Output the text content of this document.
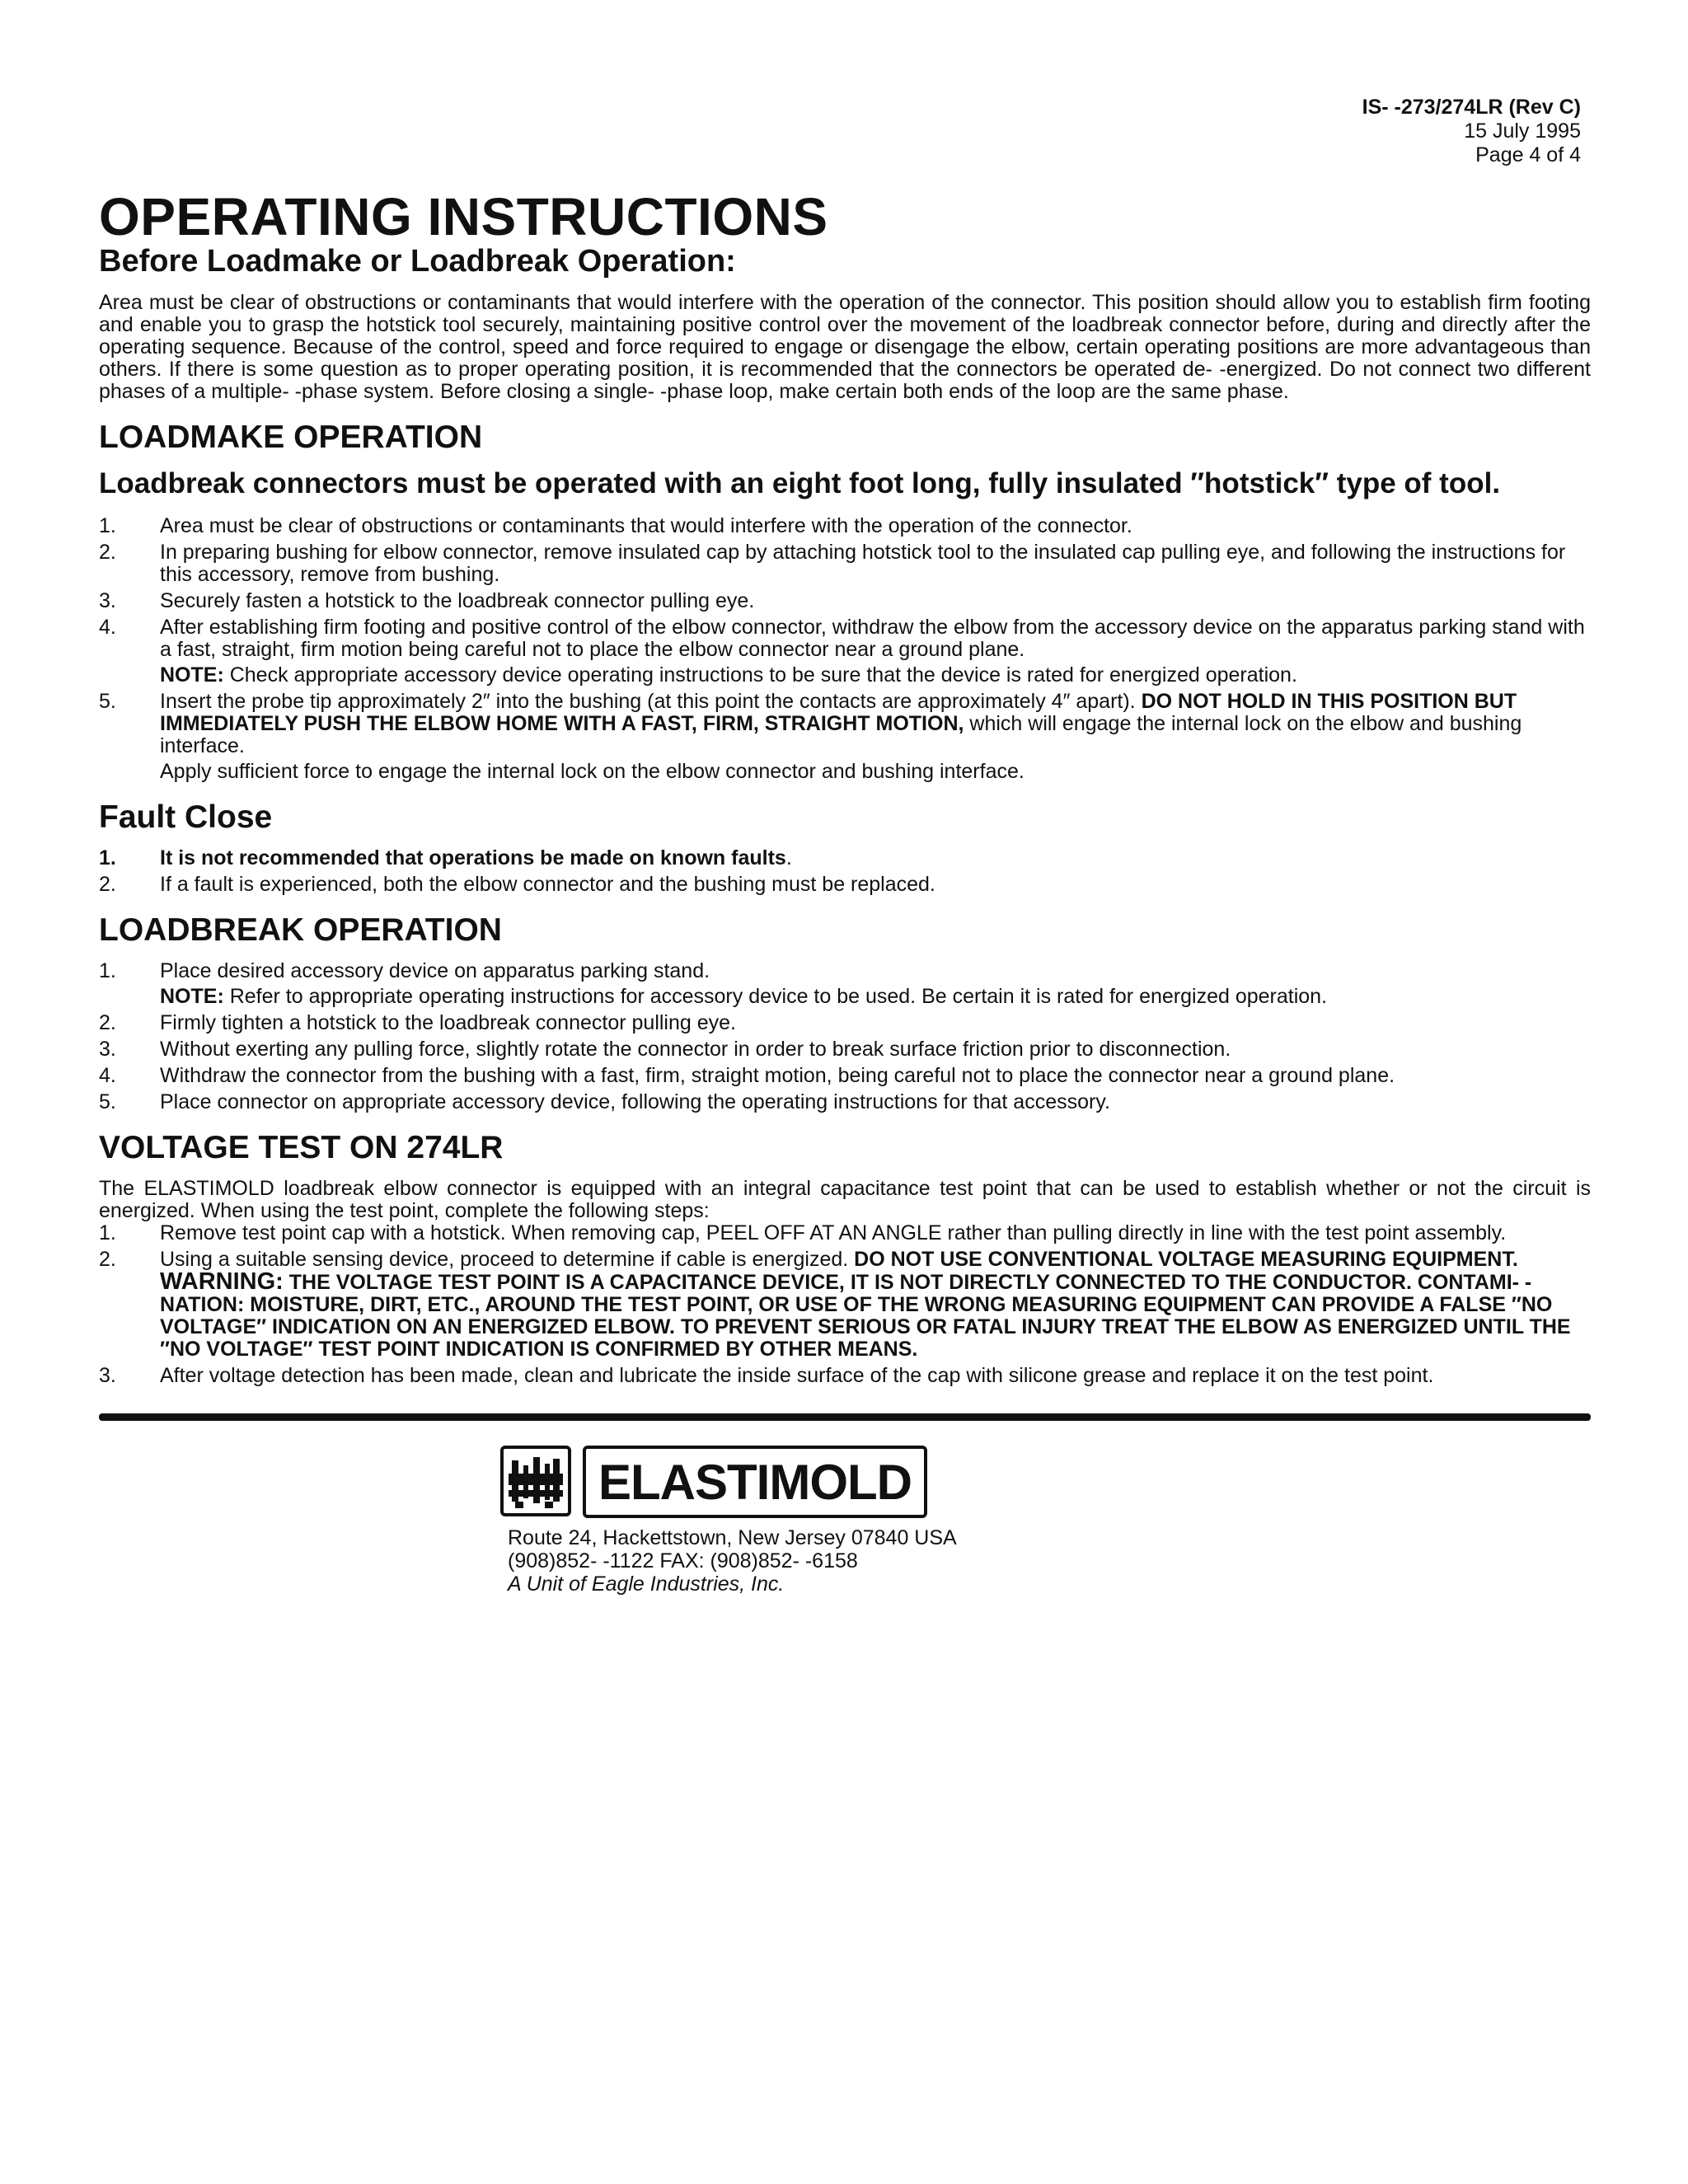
IS- -273/274LR (Rev C)
15 July 1995
Page 4 of 4
OPERATING INSTRUCTIONS
Before Loadmake or Loadbreak Operation:

Area must be clear of obstructions or contaminants that would interfere with the operation of the connector. This position should allow you to establish firm footing and enable you to grasp the hotstick tool securely, maintaining positive control over the movement of the loadbreak connector before, during and directly after the operating sequence. Because of the control, speed and force required to engage or disengage the elbow, certain operating positions are more advantageous than others. If there is some question as to proper operating position, it is recommended that the connectors be operated de- -energized. Do not connect two different phases of a multiple- -phase system. Before closing a single- -phase loop, make certain both ends of the loop are the same phase.

LOADMAKE OPERATION
Loadbreak connectors must be operated with an eight foot long, fully insulated ″hotstick″ type of tool.
1.	Area must be clear of obstructions or contaminants that would interfere with the operation of the connector.
2.	In preparing bushing for elbow connector, remove insulated cap by attaching hotstick tool to the insulated cap pulling eye, and following the instructions for this accessory, remove from bushing.
3.	Securely fasten a hotstick to the loadbreak connector pulling eye.
4.	After establishing firm footing and positive control of the elbow connector, withdraw the elbow from the accessory device on the apparatus parking stand with a fast, straight, firm motion being careful not to place the elbow connector near a ground plane.
NOTE: Check appropriate accessory device operating instructions to be sure that the device is rated for energized operation.
5.	Insert the probe tip approximately 2″ into the bushing (at this point the contacts are approximately 4″ apart). DO NOT HOLD IN THIS POSITION BUT IMMEDIATELY PUSH THE ELBOW HOME WITH A FAST, FIRM, STRAIGHT MOTION, which will engage the internal lock on the elbow and bushing interface.
Apply sufficient force to engage the internal lock on the elbow connector and bushing interface.
Fault Close
1.	It is not recommended that operations be made on known faults.
2.	If a fault is experienced, both the elbow connector and the bushing must be replaced.
LOADBREAK OPERATION
1.	Place desired accessory device on apparatus parking stand.
NOTE: Refer to appropriate operating instructions for accessory device to be used. Be certain it is rated for energized operation.
2.	Firmly tighten a hotstick to the loadbreak connector pulling eye.
3.	Without exerting any pulling force, slightly rotate the connector in order to break surface friction prior to disconnection.
4.	Withdraw the connector from the bushing with a fast, firm, straight motion, being careful not to place the connector near a ground plane.
5.	Place connector on appropriate accessory device, following the operating instructions for that accessory.
VOLTAGE TEST ON 274LR

The ELASTIMOLD loadbreak elbow connector is equipped with an integral capacitance test point that can be used to establish whether or not the circuit is energized. When using the test point, complete the following steps:

1.	Remove test point cap with a hotstick. When removing cap, PEEL OFF AT AN ANGLE rather than pulling directly in line with the test point assembly.
2.	Using a suitable sensing device, proceed to determine if cable is energized. DO NOT USE CONVENTIONAL VOLTAGE MEASURING EQUIPMENT.
WARNING: THE VOLTAGE TEST POINT IS A CAPACITANCE DEVICE, IT IS NOT DIRECTLY CONNECTED TO THE CONDUCTOR. CONTAMI- -NATION: MOISTURE, DIRT, ETC., AROUND THE TEST POINT, OR USE OF THE WRONG MEASURING EQUIPMENT CAN PROVIDE A FALSE ″NO VOLTAGE″ INDICATION ON AN ENERGIZED ELBOW. TO PREVENT SERIOUS OR FATAL INJURY TREAT THE ELBOW AS ENERGIZED UNTIL THE ″NO VOLTAGE″ TEST POINT INDICATION IS CONFIRMED BY OTHER MEANS.
3.	After voltage detection has been made, clean and lubricate the inside surface of the cap with silicone grease and replace it on the test point.
ELASTIMOLD
Route 24, Hackettstown, New Jersey 07840 USA
(908)852- -1122 FAX: (908)852- -6158
A Unit of Eagle Industries, Inc.
